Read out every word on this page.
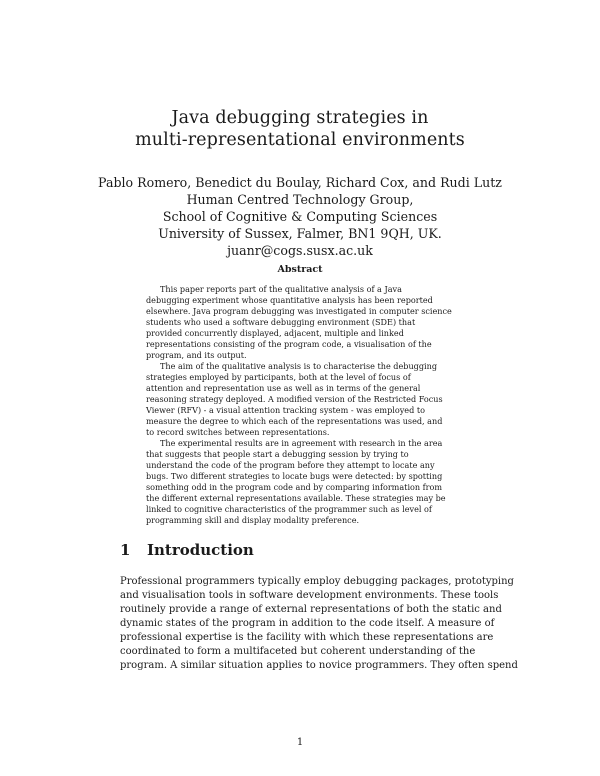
Java debugging strategies in
multi-representational environments
Pablo Romero, Benedict du Boulay, Richard Cox, and Rudi Lutz
Human Centred Technology Group,
School of Cognitive & Computing Sciences
University of Sussex, Falmer, BN1 9QH, UK.
juanr@cogs.susx.ac.uk
Abstract
This paper reports part of the qualitative analysis of a Java
debugging experiment whose quantitative analysis has been reported
elsewhere. Java program debugging was investigated in computer science
students who used a software debugging environment (SDE) that
provided concurrently displayed, adjacent, multiple and linked
representations consisting of the program code, a visualisation of the
program, and its output.
The aim of the qualitative analysis is to characterise the debugging
strategies employed by participants, both at the level of focus of
attention and representation use as well as in terms of the general
reasoning strategy deployed. A modified version of the Restricted Focus
Viewer (RFV) - a visual attention tracking system - was employed to
measure the degree to which each of the representations was used, and
to record switches between representations.
The experimental results are in agreement with research in the area
that suggests that people start a debugging session by trying to
understand the code of the program before they attempt to locate any
bugs. Two different strategies to locate bugs were detected: by spotting
something odd in the program code and by comparing information from
the different external representations available. These strategies may be
linked to cognitive characteristics of the programmer such as level of
programming skill and display modality preference.
1 Introduction
Professional programmers typically employ debugging packages, prototyping
and visualisation tools in software development environments. These tools
routinely provide a range of external representations of both the static and
dynamic states of the program in addition to the code itself. A measure of
professional expertise is the facility with which these representations are
coordinated to form a multifaceted but coherent understanding of the
program. A similar situation applies to novice programmers. They often spend
1
